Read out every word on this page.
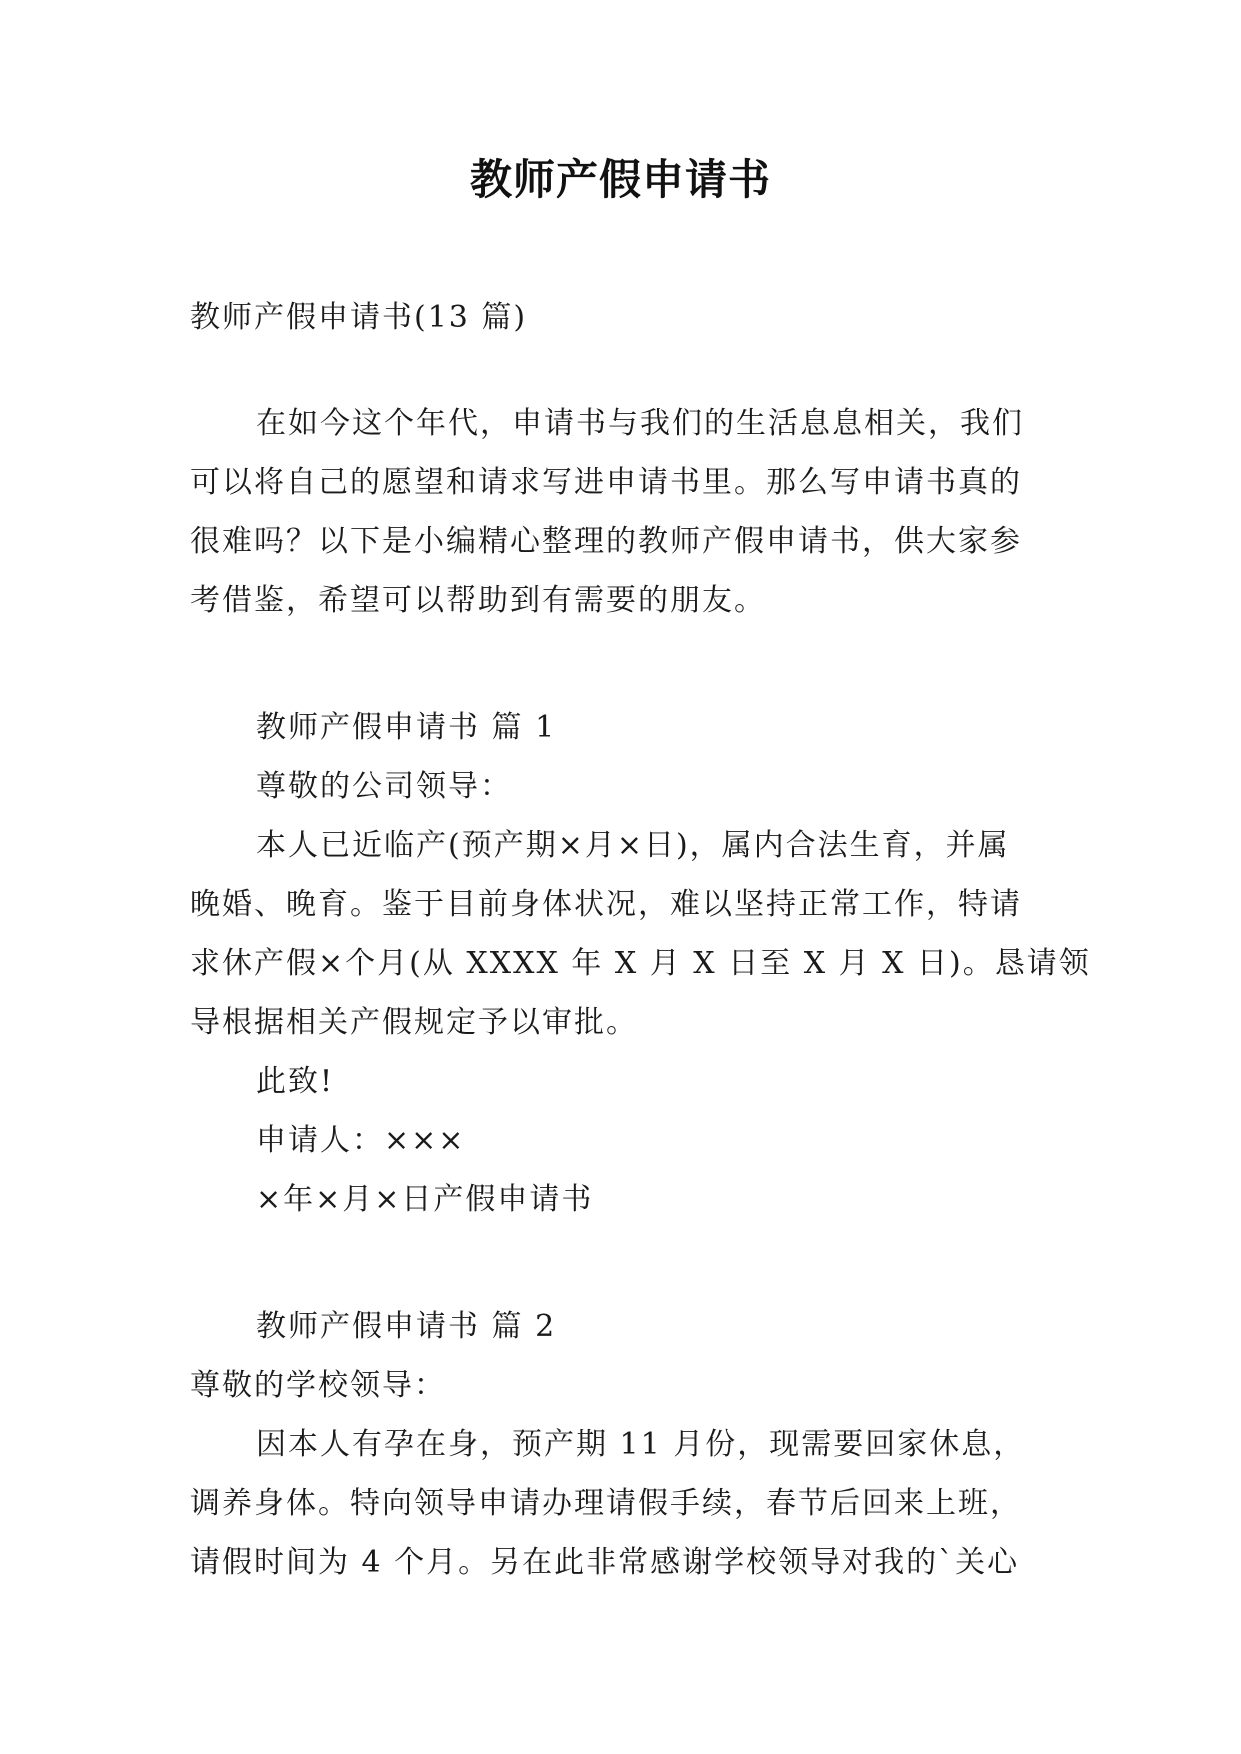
教师产假申请书

教师产假申请书(13 篇)

在如今这个年代，申请书与我们的生活息息相关，我们

可以将自己的愿望和请求写进申请书里。那么写申请书真的

很难吗？以下是小编精心整理的教师产假申请书，供大家参

考借鉴，希望可以帮助到有需要的朋友。

教师产假申请书 篇 1

尊敬的公司领导：

本人已近临产(预产期×月×日)，属内合法生育，并属

晚婚、晚育。鉴于目前身体状况，难以坚持正常工作，特请

求休产假×个月(从 XXXX 年 X 月 X 日至 X 月 X 日)。恳请领

导根据相关产假规定予以审批。

此致!

申请人：×××

×年×月×日产假申请书

教师产假申请书 篇 2

尊敬的学校领导：

因本人有孕在身，预产期 11 月份，现需要回家休息，

调养身体。特向领导申请办理请假手续，春节后回来上班，

请假时间为 4 个月。另在此非常感谢学校领导对我的`关心
